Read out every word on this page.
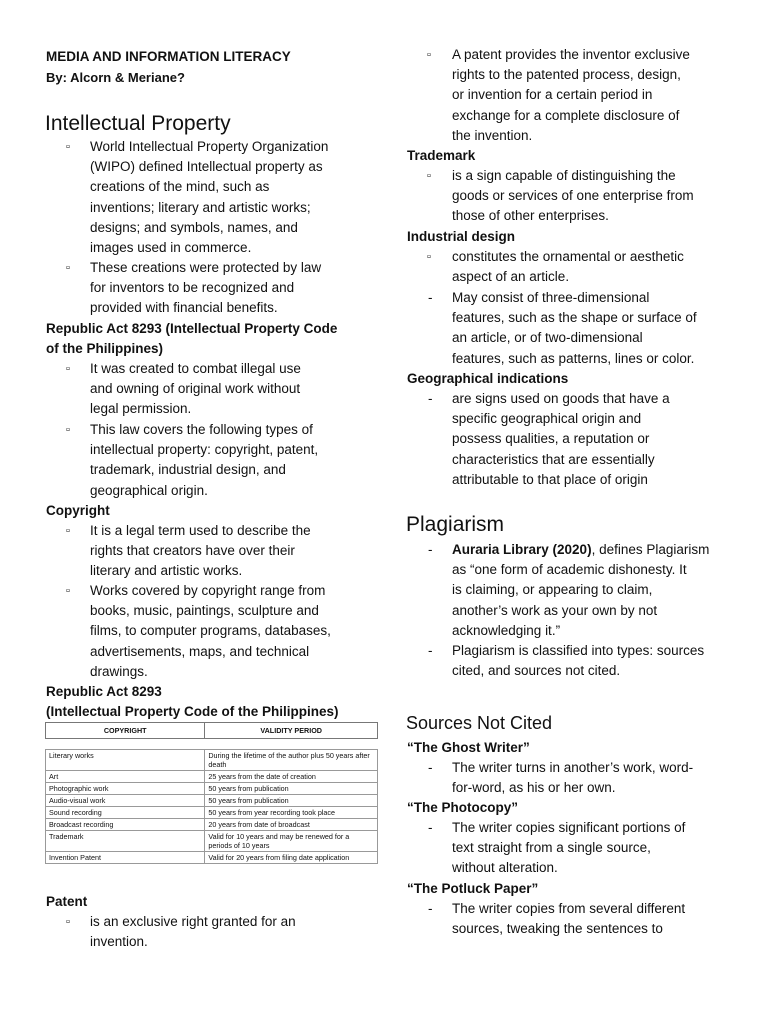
MEDIA AND INFORMATION LITERACY
By: Alcorn & Meriane?
Intellectual Property
▫ World Intellectual Property Organization
(WIPO) defined Intellectual property as
creations of the mind, such as
inventions; literary and artistic works;
designs; and symbols, names, and
images used in commerce.
▫ These creations were protected by law
for inventors to be recognized and
provided with financial benefits.
Republic Act 8293 (Intellectual Property Code
of the Philippines)
▫ It was created to combat illegal use
and owning of original work without
legal permission.
▫ This law covers the following types of
intellectual property: copyright, patent,
trademark, industrial design, and
geographical origin.
Copyright
▫ It is a legal term used to describe the
rights that creators have over their
literary and artistic works.
▫ Works covered by copyright range from
books, music, paintings, sculpture and
films, to computer programs, databases,
advertisements, maps, and technical
drawings.
Republic Act 8293
(Intellectual Property Code of the Philippines)
COPYRIGHT	VALIDITY PERIOD

Literary works	During the lifetime of the author plus 50 years after death
Art	25 years from the date of creation
Photographic work	50 years from publication
Audio-visual work	50 years from publication
Sound recording	50 years from year recording took place
Broadcast recording	20 years from date of broadcast
Trademark	Valid for 10 years and may be renewed for a periods of 10 years
Invention Patent	Valid for 20 years from filing date application
Patent
▫ is an exclusive right granted for an
invention.
▫ A patent provides the inventor exclusive
rights to the patented process, design,
or invention for a certain period in
exchange for a complete disclosure of
the invention.
Trademark
▫ is a sign capable of distinguishing the
goods or services of one enterprise from
those of other enterprises.
Industrial design
▫ constitutes the ornamental or aesthetic
aspect of an article.
- May consist of three-dimensional
features, such as the shape or surface of
an article, or of two-dimensional
features, such as patterns, lines or color.
Geographical indications
- are signs used on goods that have a
specific geographical origin and
possess qualities, a reputation or
characteristics that are essentially
attributable to that place of origin
Plagiarism
- Auraria Library (2020), defines Plagiarism
as “one form of academic dishonesty. It
is claiming, or appearing to claim,
another’s work as your own by not
acknowledging it.”
- Plagiarism is classified into types: sources
cited, and sources not cited.
Sources Not Cited
“The Ghost Writer”
- The writer turns in another’s work, word-
for-word, as his or her own.
“The Photocopy”
- The writer copies significant portions of
text straight from a single source,
without alteration.
“The Potluck Paper”
- The writer copies from several different
sources, tweaking the sentences to
